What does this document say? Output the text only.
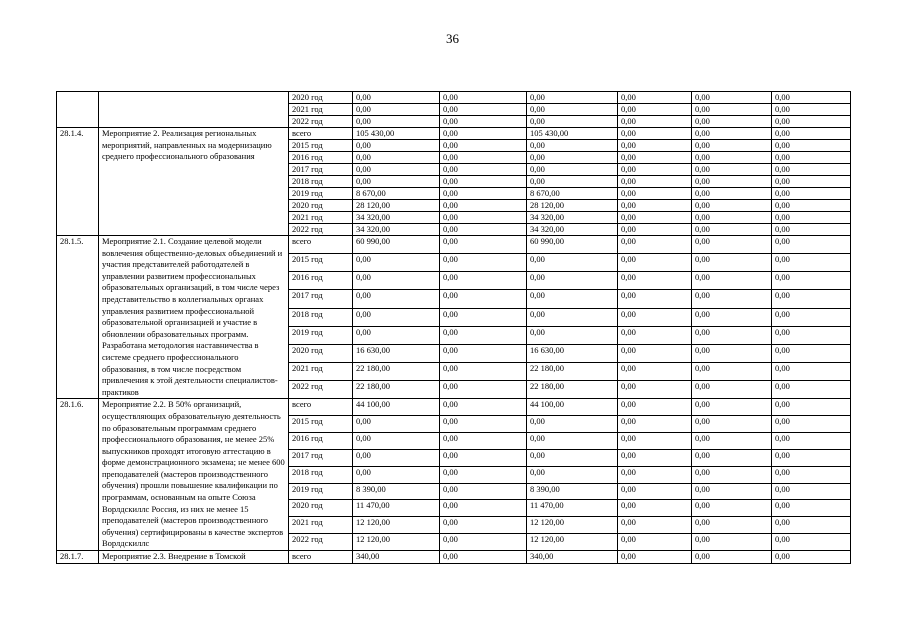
36
		2020 год	0,00	0,00	0,00	0,00	0,00	0,00
		2021 год	0,00	0,00	0,00	0,00	0,00	0,00
		2022 год	0,00	0,00	0,00	0,00	0,00	0,00
28.1.4.	Мероприятие 2. Реализация региональных мероприятий, направленных на модернизацию среднего профессионального образования	всего	105 430,00	0,00	105 430,00	0,00	0,00	0,00
		2015 год	0,00	0,00	0,00	0,00	0,00	0,00
		2016 год	0,00	0,00	0,00	0,00	0,00	0,00
		2017 год	0,00	0,00	0,00	0,00	0,00	0,00
		2018 год	0,00	0,00	0,00	0,00	0,00	0,00
		2019 год	8 670,00	0,00	8 670,00	0,00	0,00	0,00
		2020 год	28 120,00	0,00	28 120,00	0,00	0,00	0,00
		2021 год	34 320,00	0,00	34 320,00	0,00	0,00	0,00
		2022 год	34 320,00	0,00	34 320,00	0,00	0,00	0,00
28.1.5.	Мероприятие 2.1. Создание целевой модели вовлечения общественно-деловых объединений и участия представителей работодателей в управлении развитием профессиональных образовательных организаций, в том числе через представительство в коллегиальных органах управления развитием профессиональной образовательной организацией и участие в обновлении образовательных программ. Разработана методология наставничества в системе среднего профессионального образования, в том числе посредством привлечения к этой деятельности специалистов-практиков	всего	60 990,00	0,00	60 990,00	0,00	0,00	0,00
		2015 год	0,00	0,00	0,00	0,00	0,00	0,00
		2016 год	0,00	0,00	0,00	0,00	0,00	0,00
		2017 год	0,00	0,00	0,00	0,00	0,00	0,00
		2018 год	0,00	0,00	0,00	0,00	0,00	0,00
		2019 год	0,00	0,00	0,00	0,00	0,00	0,00
		2020 год	16 630,00	0,00	16 630,00	0,00	0,00	0,00
		2021 год	22 180,00	0,00	22 180,00	0,00	0,00	0,00
		2022 год	22 180,00	0,00	22 180,00	0,00	0,00	0,00
28.1.6.	Мероприятие 2.2. В 50% организаций, осуществляющих образовательную деятельность по образовательным программам среднего профессионального образования, не менее 25% выпускников проходят итоговую аттестацию в форме демонстрационного экзамена; не менее 600 преподавателей (мастеров производственного обучения) прошли повышение квалификации по программам, основанным на опыте Союза Ворлдскиллс Россия, из них не менее 15 преподавателей (мастеров производственного обучения) сертифицированы в качестве экспертов Ворлдскиллс	всего	44 100,00	0,00	44 100,00	0,00	0,00	0,00
		2015 год	0,00	0,00	0,00	0,00	0,00	0,00
		2016 год	0,00	0,00	0,00	0,00	0,00	0,00
		2017 год	0,00	0,00	0,00	0,00	0,00	0,00
		2018 год	0,00	0,00	0,00	0,00	0,00	0,00
		2019 год	8 390,00	0,00	8 390,00	0,00	0,00	0,00
		2020 год	11 470,00	0,00	11 470,00	0,00	0,00	0,00
		2021 год	12 120,00	0,00	12 120,00	0,00	0,00	0,00
		2022 год	12 120,00	0,00	12 120,00	0,00	0,00	0,00
28.1.7.	Мероприятие 2.3. Внедрение в Томской	всего	340,00	0,00	340,00	0,00	0,00	0,00
